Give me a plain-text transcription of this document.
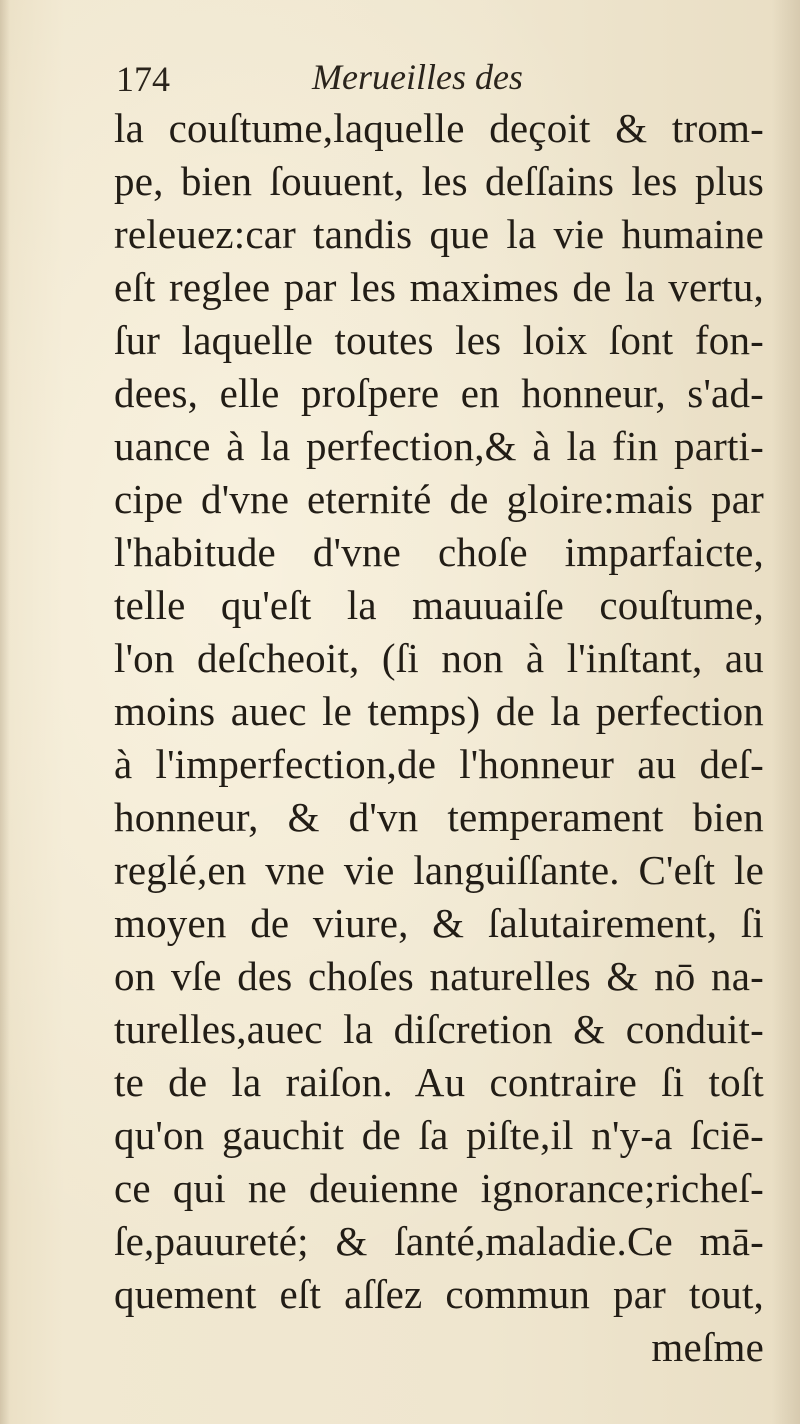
174	Merueilles des
la couſtume,laquelle deçoit & trom-
pe, bien ſouuent, les deſſains les plus
releuez:car tandis que la vie humaine
eſt reglee par les maximes de la vertu,
ſur laquelle toutes les loix ſont fon-
dees, elle proſpere en honneur, s'ad-
uance à la perfection,& à la fin parti-
cipe d'vne eternité de gloire:mais par
l'habitude d'vne choſe imparfaicte,
telle qu'eſt la mauuaiſe couſtume,
l'on deſcheoit, (ſi non à l'inſtant, au
moins auec le temps) de la perfection
à l'imperfection,de l'honneur au deſ-
honneur, & d'vn temperament bien
reglé,en vne vie languiſſante. C'eſt le
moyen de viure, & ſalutairement, ſi
on vſe des choſes naturelles & nō na-
turelles,auec la diſcretion & conduit-
te de la raiſon. Au contraire ſi toſt
qu'on gauchit de ſa piſte,il n'y-a ſciē-
ce qui ne deuienne ignorance;richeſ-
ſe,pauureté; & ſanté,maladie.Ce mā-
quement eſt aſſez commun par tout,
meſme
